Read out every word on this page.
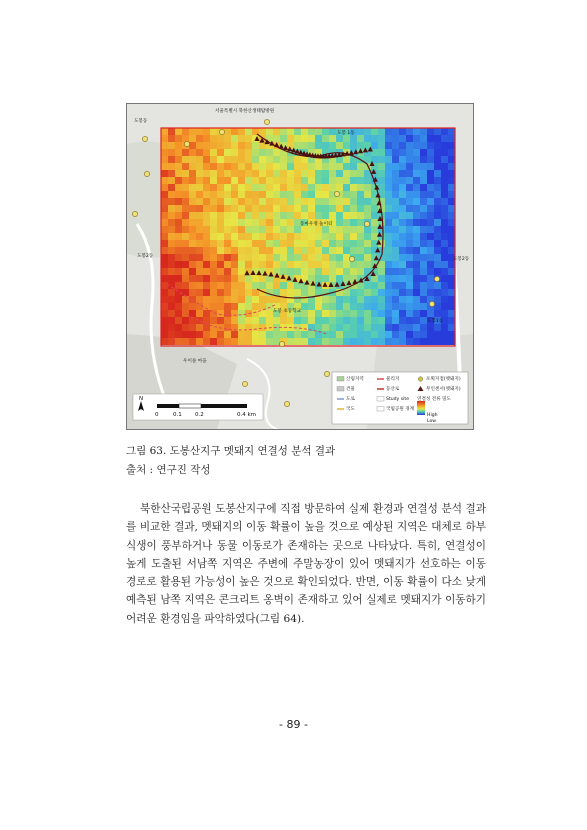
도봉동
서울특별시 북한산생태탐방원
도봉 1동
도봉2동
동마우정 놀이터
우이솔 마을
도봉 초등학교
도봉1동
도봉2동
산림지역	물리지	포획지점(멧돼지)
건물	등산로	무인센서(멧돼지)
도로	Study site 연결성 전류 밀도
국도	국립공원 경계
High
Low
N
0	0.1 0.2	0.4 km
그림 63. 도봉산지구 멧돼지 연결성 분석 결과
출처 : 연구진 작성
북한산국립공원 도봉산지구에 직접 방문하여 실제 환경과 연결성 분석 결과를 비교한 결과, 멧돼지의 이동 확률이 높을 것으로 예상된 지역은 대체로 하부식생이 풍부하거나 동물 이동로가 존재하는 곳으로 나타났다. 특히, 연결성이 높게 도출된 서남쪽 지역은 주변에 주말농장이 있어 멧돼지가 선호하는 이동 경로로 활용된 가능성이 높은 것으로 확인되었다. 반면, 이동 확률이 다소 낮게 예측된 남쪽 지역은 콘크리트 옹벽이 존재하고 있어 실제로 멧돼지가 이동하기 어려운 환경임을 파악하였다(그림 64).
- 89 -
